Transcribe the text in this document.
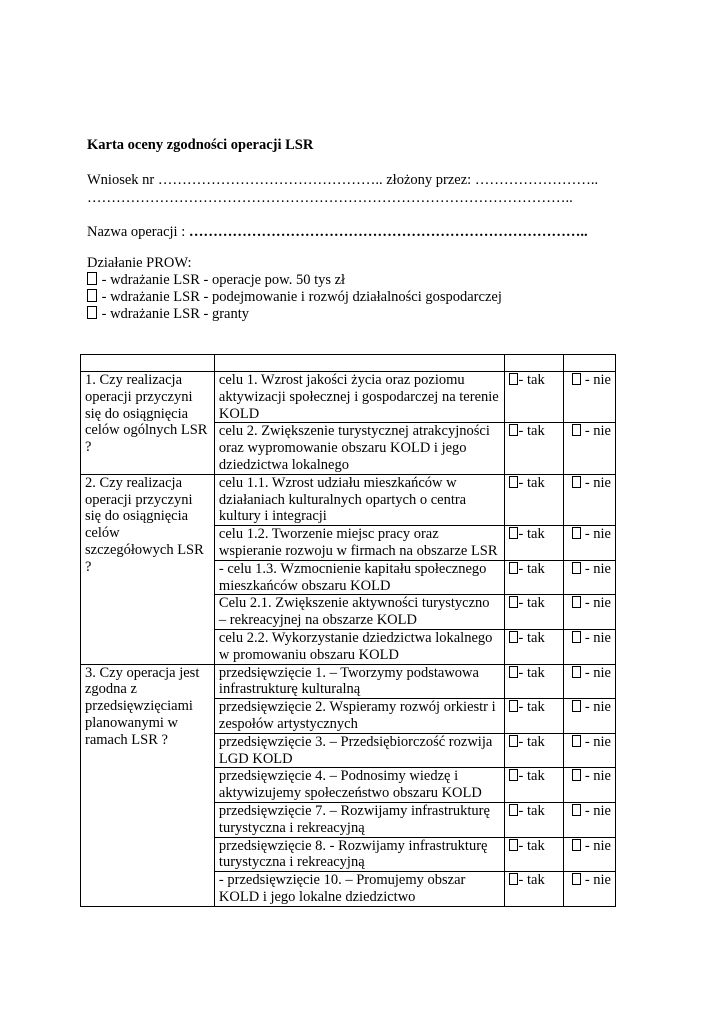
Karta oceny zgodności operacji LSR
Wniosek nr ……………………………………….. złożony przez: ……………………..
………………………………………………………………………………………..
Nazwa operacji : ………………………………………………………………………..
Działanie PROW:
- wdrażanie LSR - operacje pow. 50 tys zł
- wdrażanie LSR - podejmowanie i rozwój działalności gospodarczej
- wdrażanie LSR - granty

1. Czy realizacja operacji przyczyni się do osiągnięcia celów ogólnych LSR ?	celu 1. Wzrost jakości życia oraz poziomu aktywizacji społecznej i gospodarczej na terenie KOLD	- tak	- nie
	celu 2. Zwiększenie turystycznej atrakcyjności oraz wypromowanie obszaru KOLD i jego dziedzictwa lokalnego	- tak	- nie
2. Czy realizacja operacji przyczyni się do osiągnięcia celów szczegółowych LSR ?	celu 1.1. Wzrost udziału mieszkańców w działaniach kulturalnych opartych o centra kultury i integracji	- tak	- nie
	celu 1.2. Tworzenie miejsc pracy oraz wspieranie rozwoju w firmach na obszarze LSR	- tak	- nie
	- celu 1.3. Wzmocnienie kapitału społecznego mieszkańców obszaru KOLD	- tak	- nie
	Celu 2.1. Zwiększenie aktywności turystyczno – rekreacyjnej na obszarze KOLD	- tak	- nie
	celu 2.2. Wykorzystanie dziedzictwa lokalnego w promowaniu obszaru KOLD	- tak	- nie
3. Czy operacja jest zgodna z przedsięwzięciami planowanymi w ramach LSR ?	przedsięwzięcie 1. – Tworzymy podstawowa infrastrukturę kulturalną	- tak	- nie
	przedsięwzięcie 2. Wspieramy rozwój orkiestr i zespołów artystycznych	- tak	- nie
	przedsięwzięcie 3. – Przedsiębiorczość rozwija LGD KOLD	- tak	- nie
	przedsięwzięcie 4. – Podnosimy wiedzę i aktywizujemy społeczeństwo obszaru KOLD	- tak	- nie
	przedsięwzięcie 7. – Rozwijamy infrastrukturę turystyczna i rekreacyjną	- tak	- nie
	przedsięwzięcie 8. - Rozwijamy infrastrukturę turystyczna i rekreacyjną	- tak	- nie
	- przedsięwzięcie 10. – Promujemy obszar KOLD i jego lokalne dziedzictwo	- tak	- nie
